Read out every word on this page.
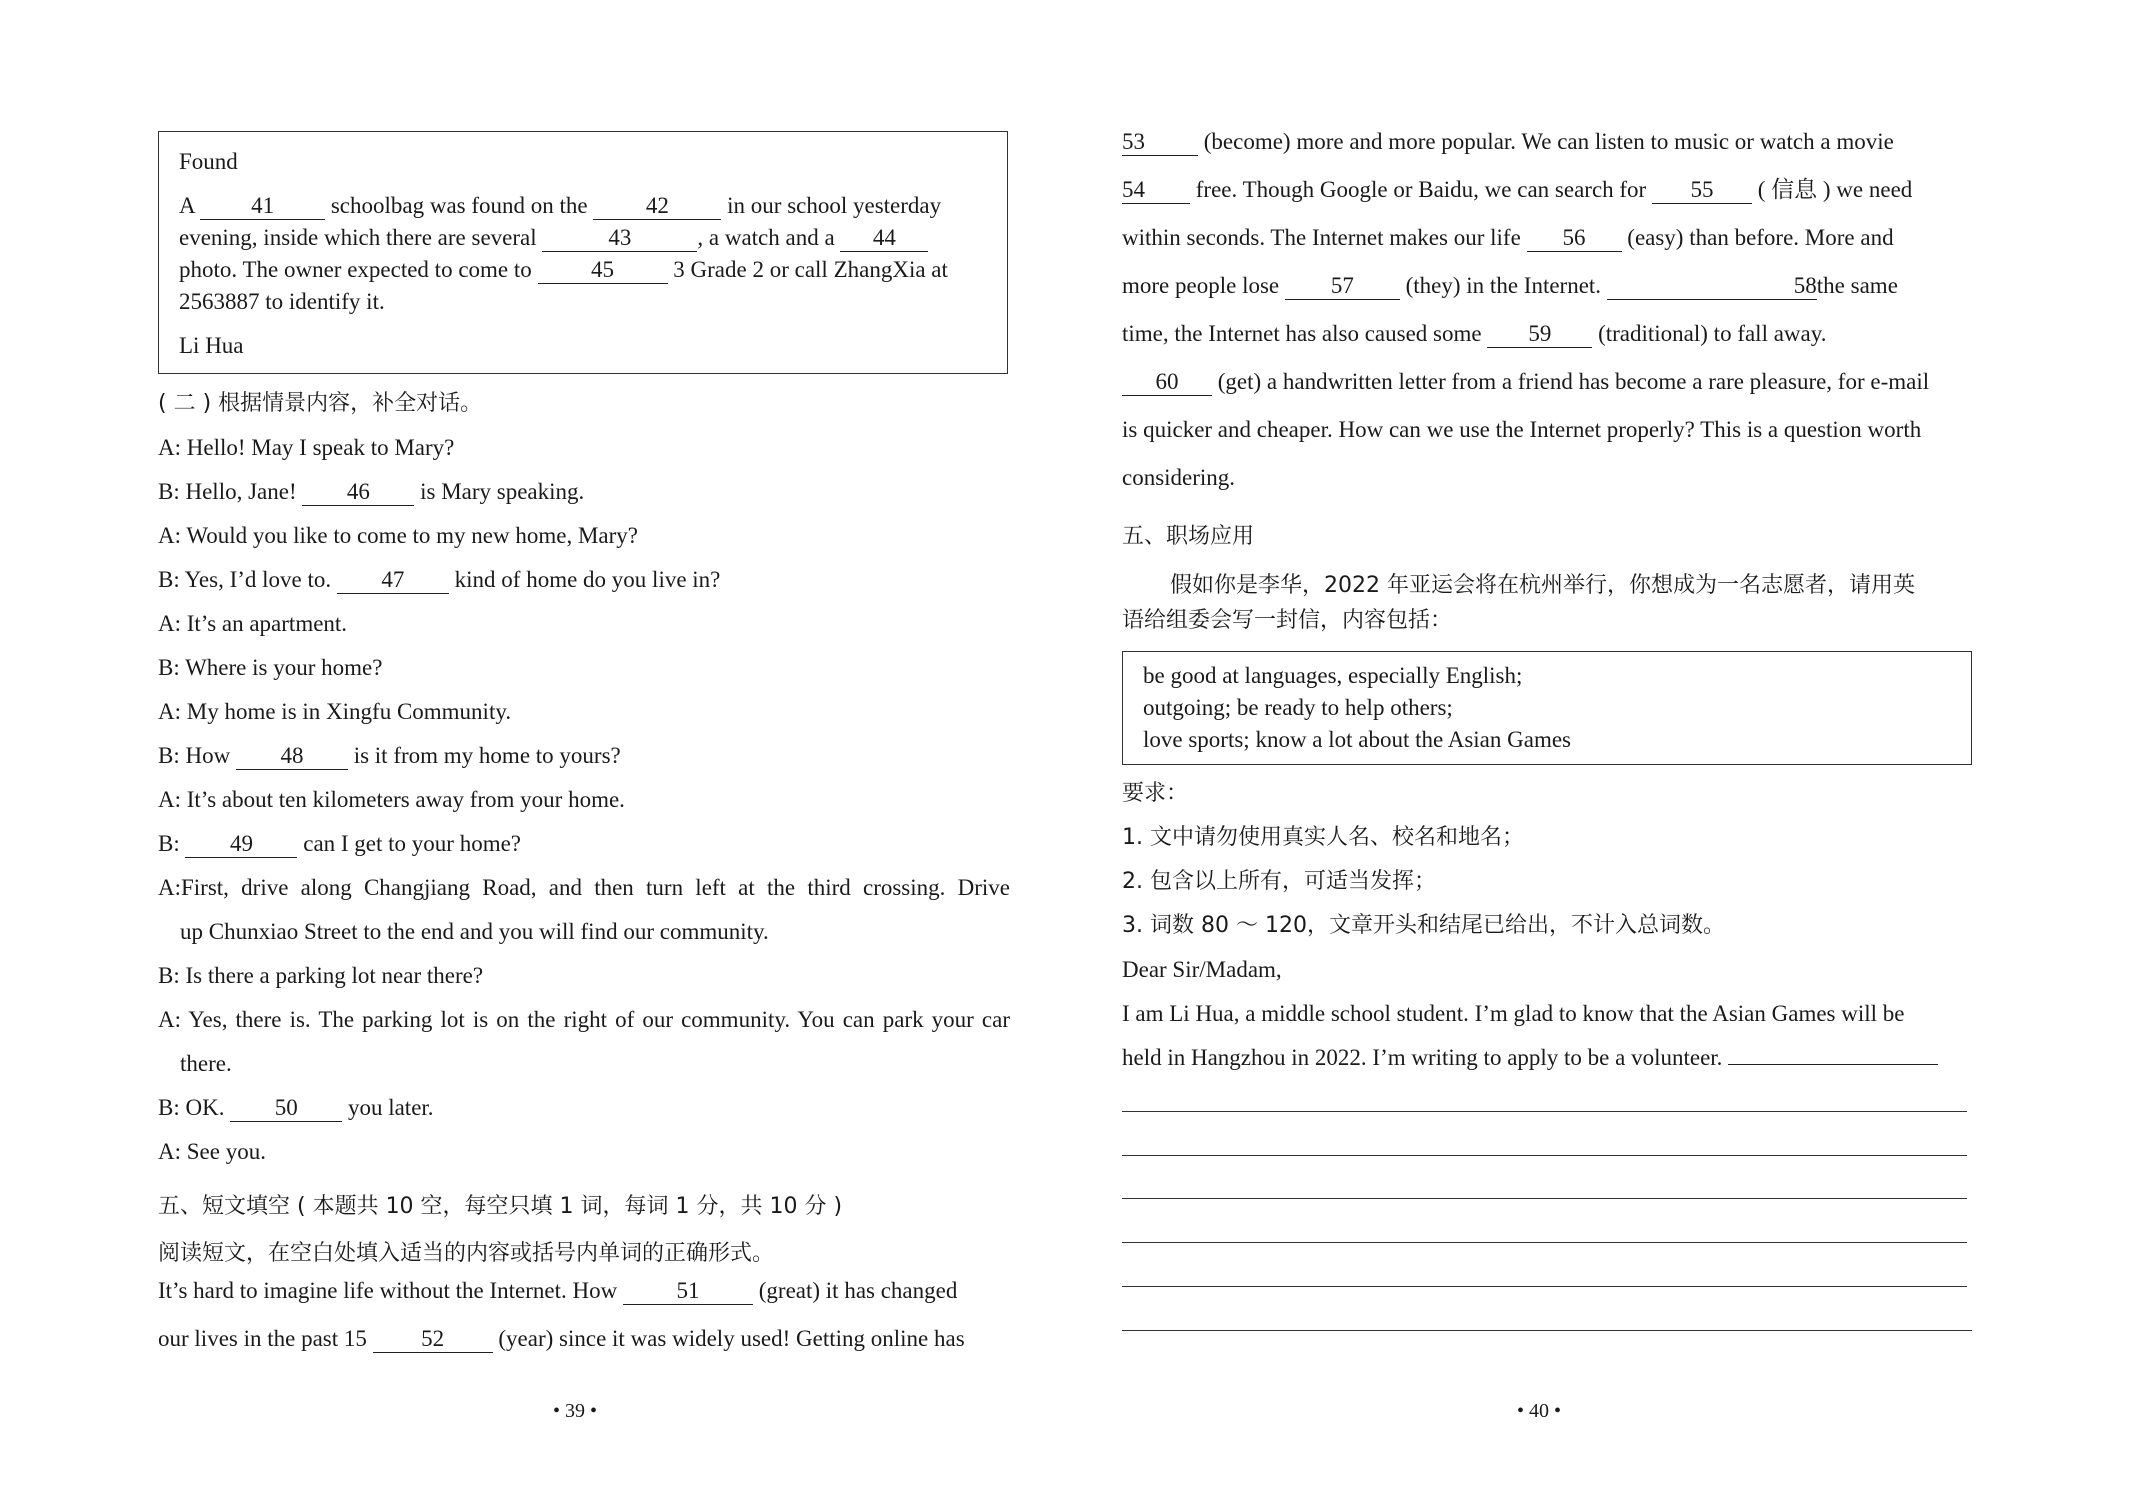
Found
A 41 schoolbag was found on the	42	in our school yesterday
evening, inside which there are several	43	, a watch and a 44
photo. The owner expected to come to	45	3 Grade 2 or call ZhangXia at
2563887 to identify it.
Li Hua
( 二 ) 根据情景内容，补全对话。
A: Hello! May I speak to Mary?
B: Hello, Jane! 46 is Mary speaking.
A: Would you like to come to my new home, Mary?
B: Yes, I’d love to. 47 kind of home do you live in?
A: It’s an apartment.
B: Where is your home?
A: My home is in Xingfu Community.
B: How 48 is it from my home to yours?
A: It’s about ten kilometers away from your home.
B: 49 can I get to your home?
A:First, drive along Changjiang Road, and then turn left at the third crossing. Drive
up Chunxiao Street to the end and you will find our community.
B: Is there a parking lot near there?
A: Yes, there is. The parking lot is on the right of our community. You can park your car
there.
B: OK. 50 you later.
A: See you.
五、短文填空 ( 本题共 10 空，每空只填 1 词，每词 1 分，共 10 分 )
阅读短文，在空白处填入适当的内容或括号内单词的正确形式。
It’s hard to imagine life without the Internet. How	51	(great) it has changed
our lives in the past 15 52 (year) since it was widely used! Getting online has
• 39 •
53	(become) more and more popular. We can listen to music or watch a movie
54 free. Though Google or Baidu, we can search for 55 ( 信息 ) we need
within seconds. The Internet makes our life 56 (easy) than before. More and
more people lose 57 (they) in the Internet.	58the same
time, the Internet has also caused some 59 (traditional) to fall away.
60 (get) a handwritten letter from a friend has become a rare pleasure, for e-mail
is quicker and cheaper. How can we use the Internet properly? This is a question worth
considering.
五、职场应用
假如你是李华，2022 年亚运会将在杭州举行，你想成为一名志愿者，请用英
语给组委会写一封信，内容包括：
be good at languages, especially English;
outgoing; be ready to help others;
love sports; know a lot about the Asian Games
要求：
1. 文中请勿使用真实人名、校名和地名；
2. 包含以上所有，可适当发挥；
3. 词数 80 ～ 120，文章开头和结尾已给出，不计入总词数。
Dear Sir/Madam,
I am Li Hua, a middle school student. I’m glad to know that the Asian Games will be
held in Hangzhou in 2022. I’m writing to apply to be a volunteer.
• 40 •
